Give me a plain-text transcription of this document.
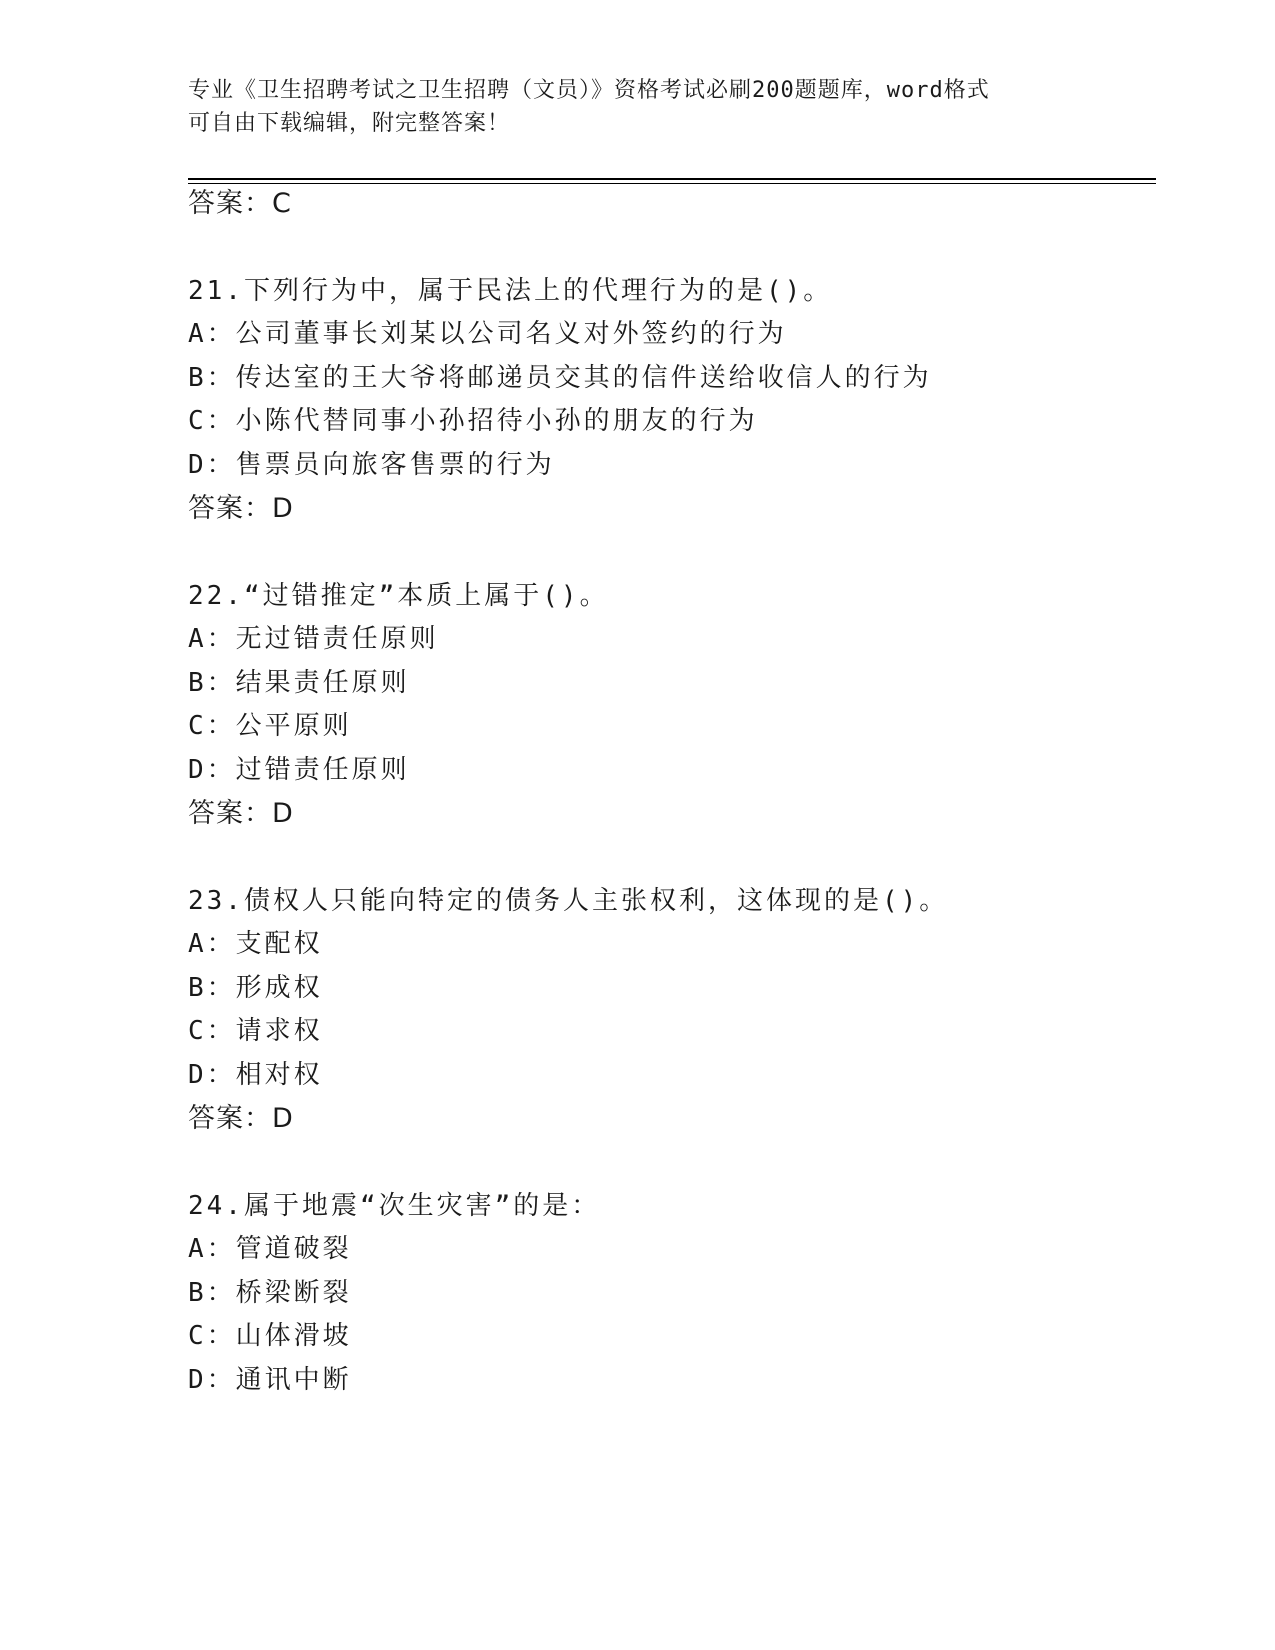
专业《卫生招聘考试之卫生招聘（文员）》资格考试必刷200题题库，word格式
可自由下载编辑，附完整答案！
答案：C
21.下列行为中，属于民法上的代理行为的是()。
A：公司董事长刘某以公司名义对外签约的行为
B：传达室的王大爷将邮递员交其的信件送给收信人的行为
C：小陈代替同事小孙招待小孙的朋友的行为
D：售票员向旅客售票的行为
答案：D
22.“过错推定”本质上属于()。
A：无过错责任原则
B：结果责任原则
C：公平原则
D：过错责任原则
答案：D
23.债权人只能向特定的债务人主张权利，这体现的是()。
A：支配权
B：形成权
C：请求权
D：相对权
答案：D
24.属于地震“次生灾害”的是：
A：管道破裂
B：桥梁断裂
C：山体滑坡
D：通讯中断
